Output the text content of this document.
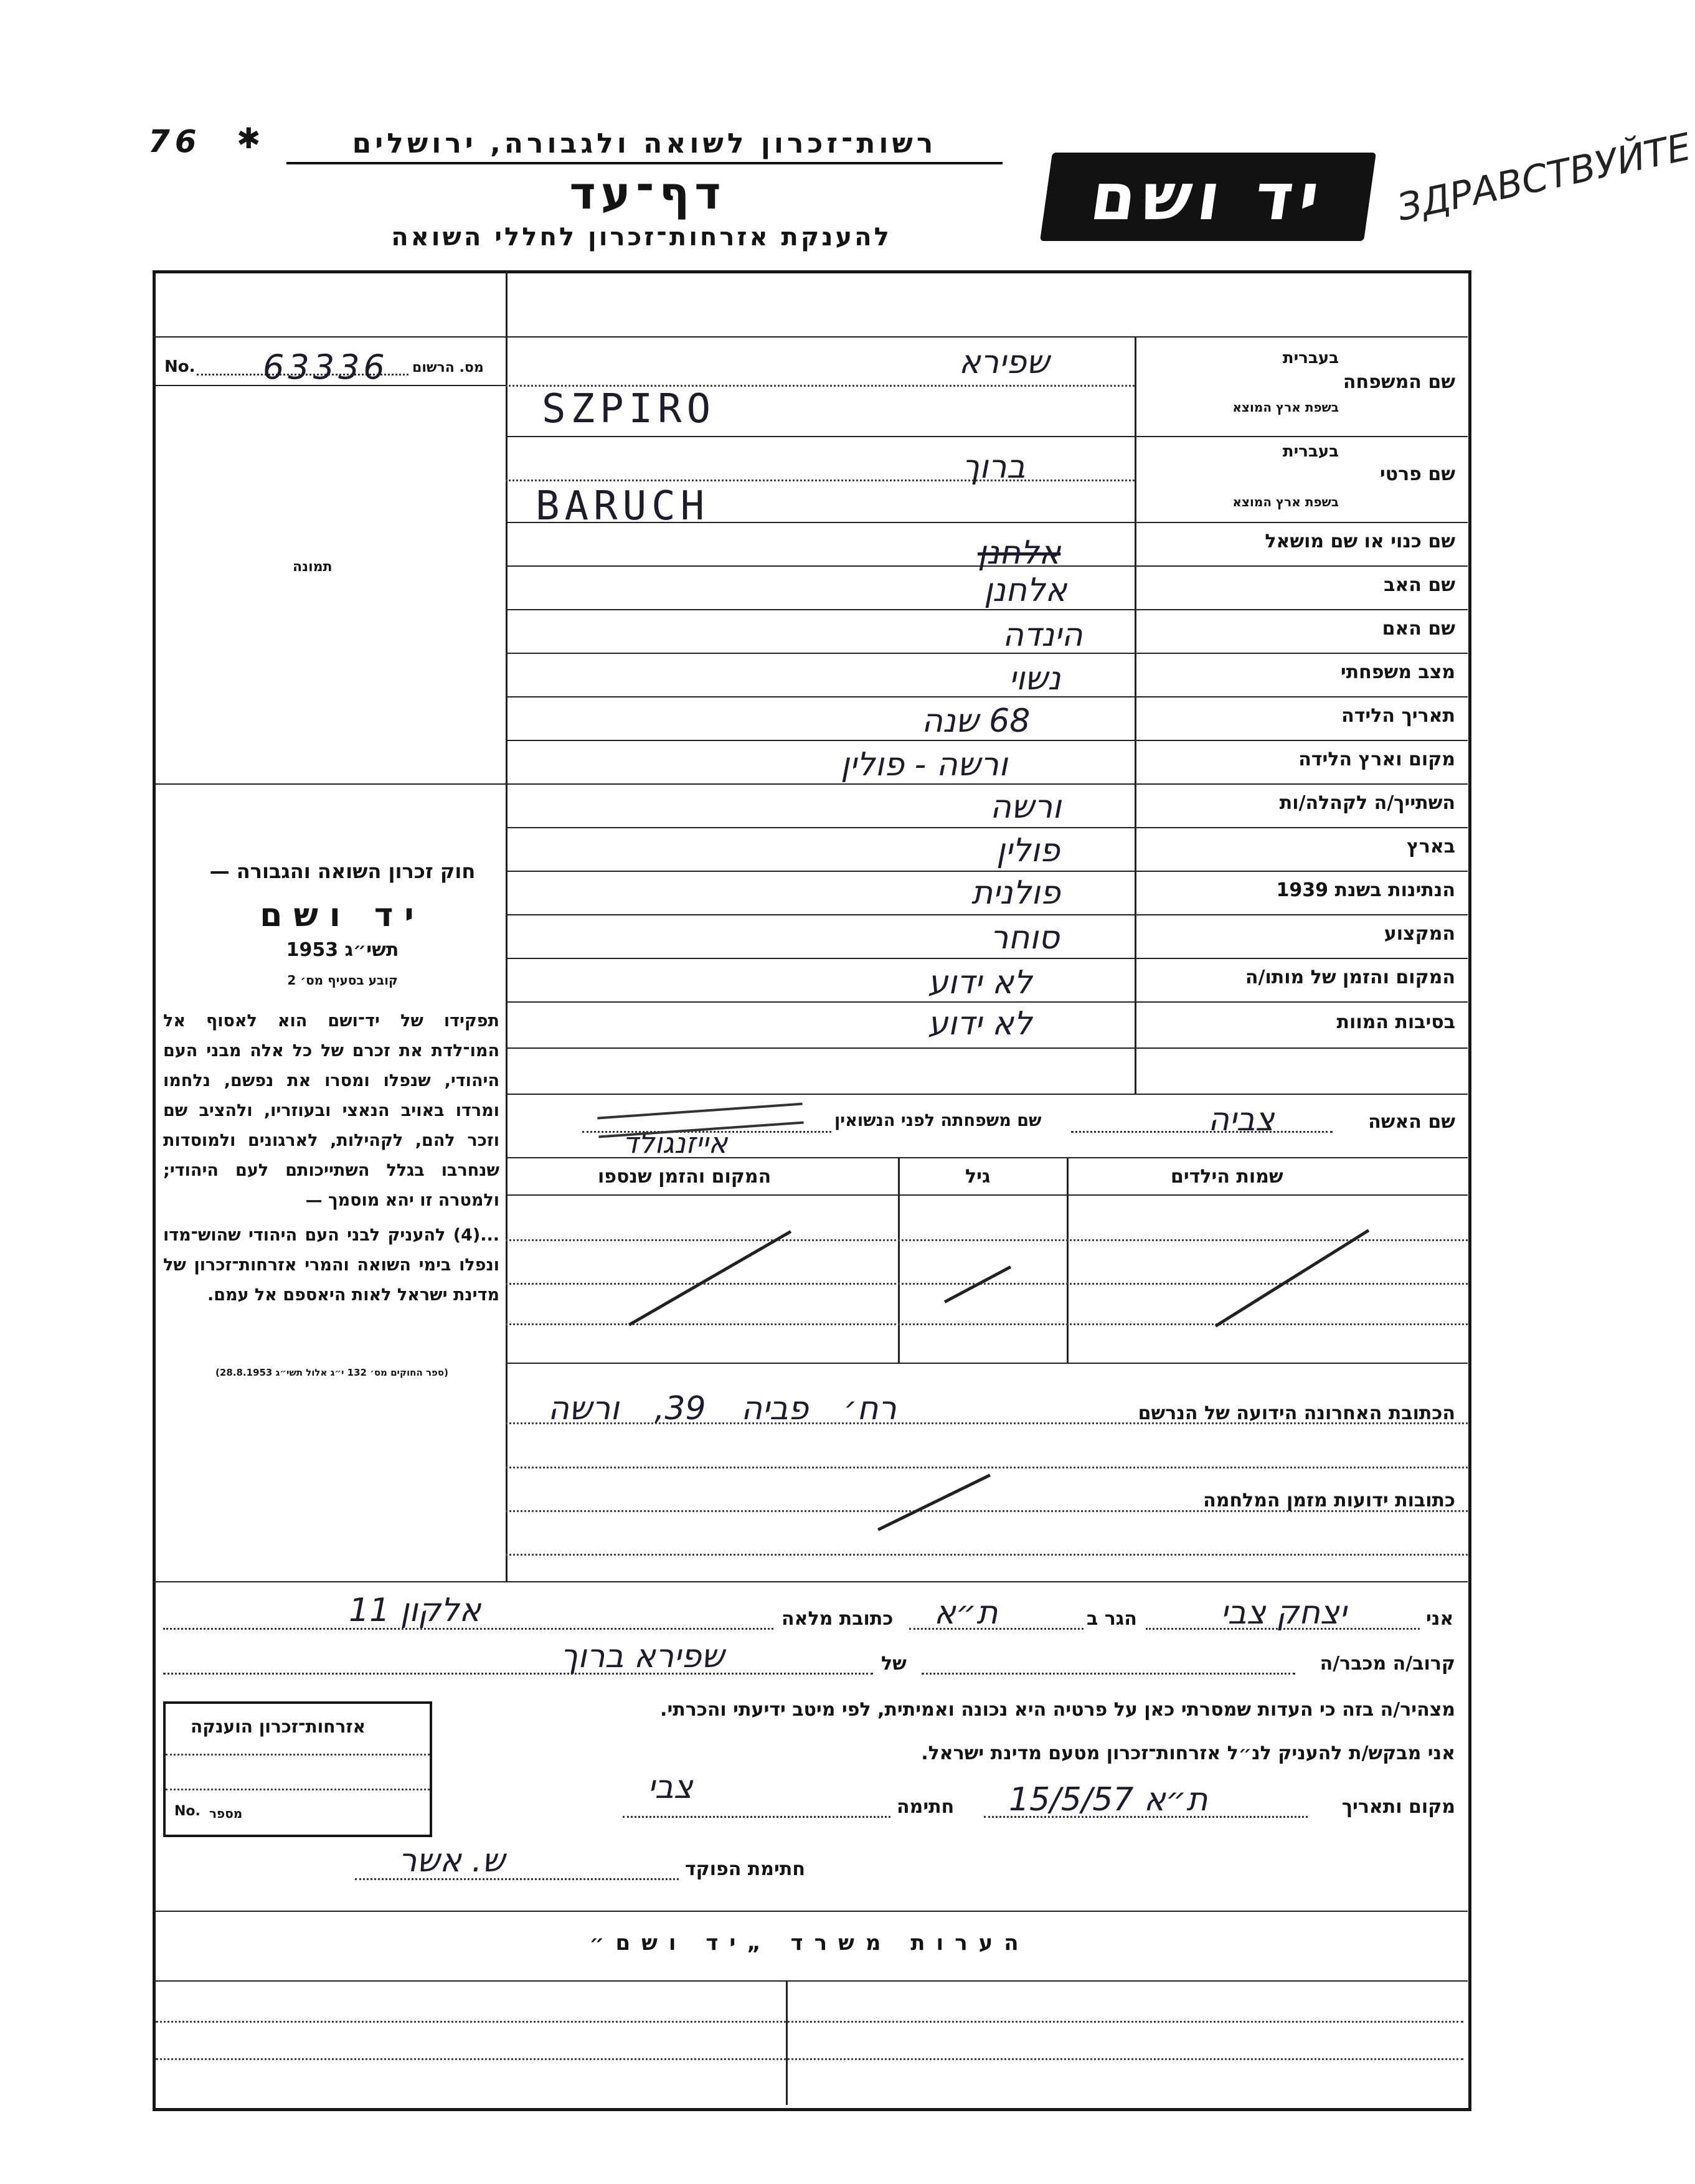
76 ✱	רשות־זכרון לשואה ולגבורה, ירושלים
דף־עד
להענקת אזרחות־זכרון לחללי השואה
יד ושם ЗДРАВСТВУЙТЕ
No. 63336 מס. הרשום
תמונה
חוק זכרון השואה והגבורה —
יד ושם
תשי״ג 1953
קובע בסעיף מס׳ 2
תפקידו של יד־ושם הוא לאסוף אל המו־לדת את זכרם של כל אלה מבני העם היהודי, שנפלו ומסרו את נפשם, נלחמו ומרדו באויב הנאצי ובעוזריו, ולהציב שם וזכר להם, לקהילות, לארגונים ולמוסדות שנחרבו בגלל השתייכותם לעם היהודי; ולמטרה זו יהא מוסמך —
...(4) להעניק לבני העם היהודי שהוש־מדו ונפלו בימי השואה והמרי אזרחות־זכרון של מדינת ישראל לאות היאספם אל עמם.
(ספר החוקים מס׳ 132 י״ג אלול תשי״ג 28.8.1953)
שם המשפחה
בעברית
בשפת ארץ המוצא
שם פרטי
בעברית
בשפת ארץ המוצא
שם כנוי או שם מושאל
שם האב
שם האם
מצב משפחתי
תאריך הלידה
מקום וארץ הלידה
השתייך/ה לקהלה/ות
בארץ
הנתינות בשנת 1939
המקצוע
המקום והזמן של מותו/ה
בסיבות המוות
שפירא
SZPIRO
ברוך
BARUCH
אלחנן
אלחנן
הינדה
נשוי
68 שנה
ורשה - פולין
ורשה
פולין
פולנית
סוחר
לא ידוע
לא ידוע
שם האשה
צביה
שם משפחתה לפני הנשואין
אייזנגולד
שמות הילדים
גיל
המקום והזמן שנספו
הכתובת האחרונה הידועה של הנרשם
רח׳ פביה 39, ורשה
כתובות ידועות מזמן המלחמה
אני
יצחק צבי
הגר ב
ת״א
כתובת מלאה
אלקון 11
קרוב/ה מכבר/ה
של
שפירא ברוך
מצהיר/ה בזה כי העדות שמסרתי כאן על פרטיה היא נכונה ואמיתית, לפי מיטב ידיעתי והכרתי.
אני מבקש/ת להעניק לנ״ל אזרחות־זכרון מטעם מדינת ישראל.
מקום ותאריך
ת״א 15/5/57
חתימה
צבי
חתימת הפוקד
ש. אשר
אזרחות־זכרון הוענקה
No. מספר
הערות משרד „יד ושם״
